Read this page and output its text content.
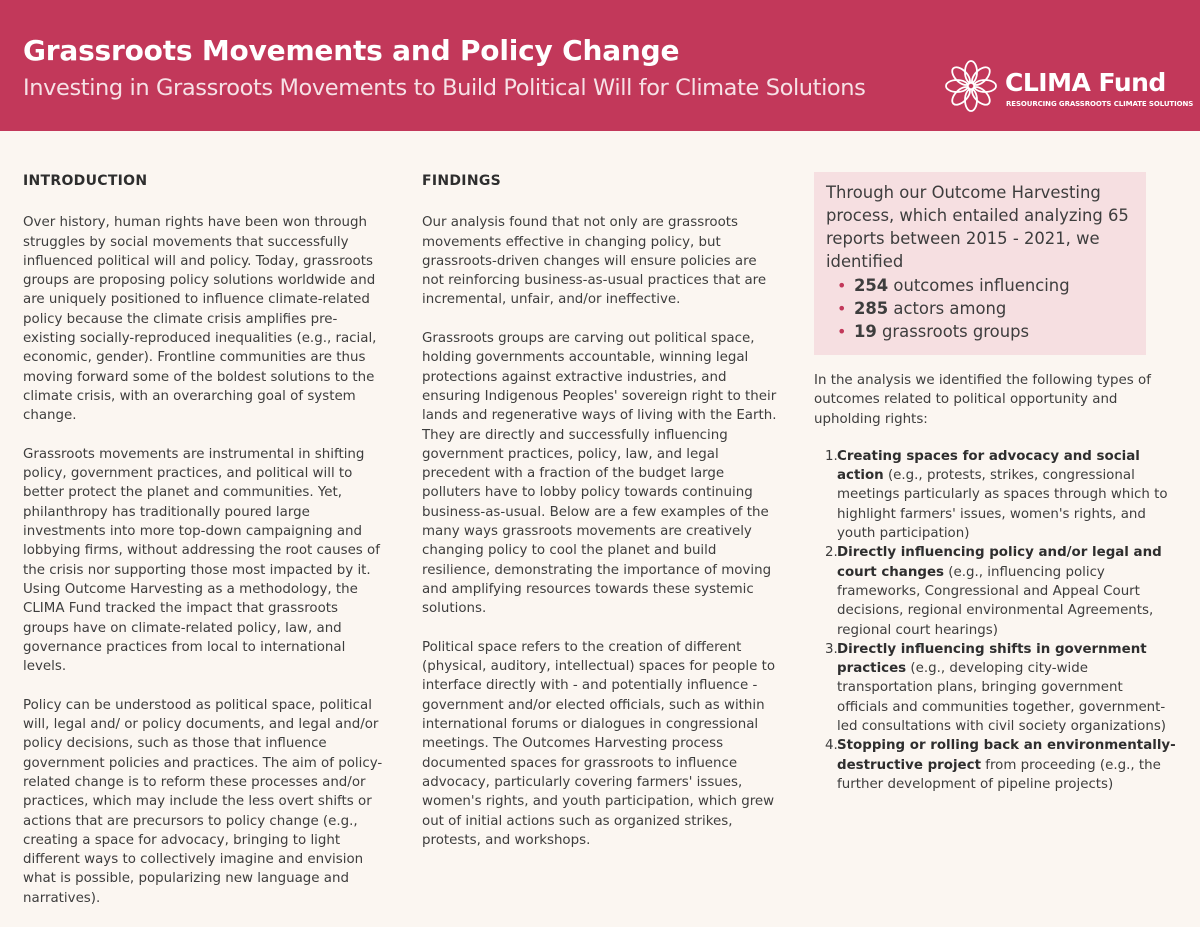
Grassroots Movements and Policy Change
Investing in Grassroots Movements to Build Political Will for Climate Solutions	CLIMA Fund
RESOURCING GRASSROOTS CLIMATE SOLUTIONS
INTRODUCTION

Over history, human rights have been won through struggles by social movements that successfully influenced political will and policy. Today, grassroots groups are proposing policy solutions worldwide and are uniquely positioned to influence climate-related policy because the climate crisis amplifies pre-existing socially-reproduced inequalities (e.g., racial, economic, gender). Frontline communities are thus moving forward some of the boldest solutions to the climate crisis, with an overarching goal of system change.

Grassroots movements are instrumental in shifting policy, government practices, and political will to better protect the planet and communities. Yet, philanthropy has traditionally poured large investments into more top-down campaigning and lobbying firms, without addressing the root causes of the crisis nor supporting those most impacted by it. Using Outcome Harvesting as a methodology, the CLIMA Fund tracked the impact that grassroots groups have on climate-related policy, law, and governance practices from local to international levels.

Policy can be understood as political space, political will, legal and/ or policy documents, and legal and/or policy decisions, such as those that influence government policies and practices. The aim of policy-related change is to reform these processes and/or practices, which may include the less overt shifts or actions that are precursors to policy change (e.g., creating a space for advocacy, bringing to light different ways to collectively imagine and envision what is possible, popularizing new language and narratives).

FINDINGS

Our analysis found that not only are grassroots movements effective in changing policy, but grassroots-driven changes will ensure policies are not reinforcing business-as-usual practices that are incremental, unfair, and/or ineffective.

Grassroots groups are carving out political space, holding governments accountable, winning legal protections against extractive industries, and ensuring Indigenous Peoples' sovereign right to their lands and regenerative ways of living with the Earth. They are directly and successfully influencing government practices, policy, law, and legal precedent with a fraction of the budget large polluters have to lobby policy towards continuing business-as-usual. Below are a few examples of the many ways grassroots movements are creatively changing policy to cool the planet and build resilience, demonstrating the importance of moving and amplifying resources towards these systemic solutions.

Political space refers to the creation of different (physical, auditory, intellectual) spaces for people to interface directly with - and potentially influence - government and/or elected officials, such as within international forums or dialogues in congressional meetings. The Outcomes Harvesting process documented spaces for grassroots to influence advocacy, particularly covering farmers' issues, women's rights, and youth participation, which grew out of initial actions such as organized strikes, protests, and workshops.

Through our Outcome Harvesting process, which entailed analyzing 65 reports between 2015 - 2021, we identified
• 254 outcomes influencing
• 285 actors among
• 19 grassroots groups

In the analysis we identified the following types of outcomes related to political opportunity and upholding rights:

1. Creating spaces for advocacy and social action (e.g., protests, strikes, congressional meetings particularly as spaces through which to highlight farmers' issues, women's rights, and youth participation)
2. Directly influencing policy and/or legal and court changes (e.g., influencing policy frameworks, Congressional and Appeal Court decisions, regional environmental Agreements, regional court hearings)
3. Directly influencing shifts in government practices (e.g., developing city-wide transportation plans, bringing government officials and communities together, government-led consultations with civil society organizations)
4. Stopping or rolling back an environmentally-destructive project from proceeding (e.g., the further development of pipeline projects)
